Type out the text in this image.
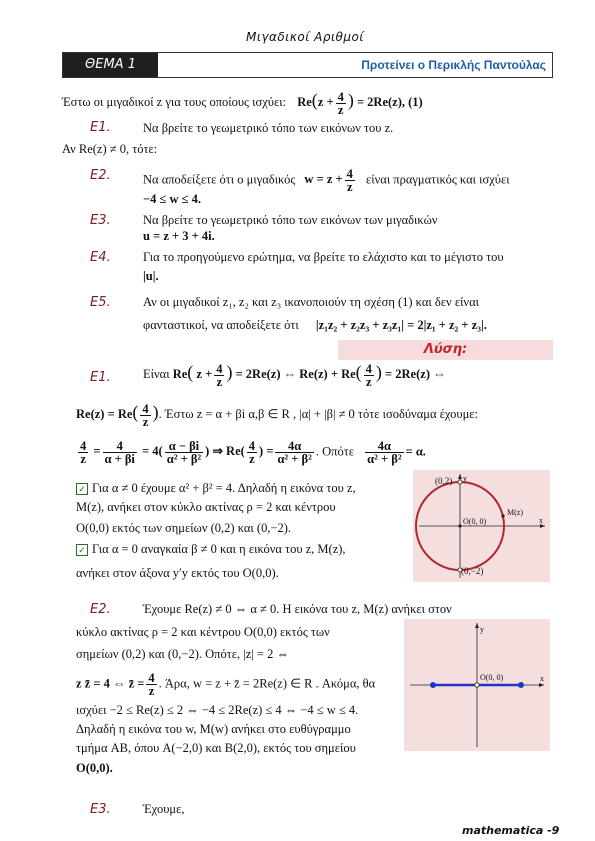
Μιγαδικοί Αριθμοί
ΘΕΜΑ 1	Προτείνει ο Περικλής Παντούλας
Έστω οι μιγαδικοί z για τους οποίους ισχύει: $Re(z + \frac{4}{z}$ ) = 2Re(z), (1)
Ε1.	Να βρείτε το γεωμετρικό τόπο των εικόνων του z.
Αν Re(z) ≠ 0, τότε:
Ε2.	Να αποδείξετε ότι ο μιγαδικός $w = z + \frac{4}{z}$ είναι πραγματικός και ισχύει
−4 ≤ w ≤ 4.
Ε3.	Να βρείτε το γεωμετρικό τόπο των εικόνων των μιγαδικών
u = z + 3 + 4i.
Ε4.	Για το προηγούμενο ερώτημα, να βρείτε το ελάχιστο και το μέγιστο του
|u|.
Ε5.	Αν οι μιγαδικοί z₁, z₂ και z₃ ικανοποιούν τη σχέση (1) και δεν είναι
φανταστικοί, να αποδείξετε ότι |z₁z₂ + z₂z₃ + z₃z₁| = 2|z₁ + z₂ + z₃|.
Λύση:
Ε1.	Είναι Re( $z + \frac{4}{z}$ ) = 2Re(z) ⇔ $Re(z) + Re( \frac{4}{z}$ ) = 2Re(z) ⇔
$Re(z) = Re( \frac{4}{z}$ ). Έστω z = α + βi α,β ∈ R , |α| + |β| ≠ 0 τότε ισοδύναμα έχουμε:
$\frac{4}{z} = \frac{4}{\alpha + \beta i} = 4( \frac{\alpha - \beta i}{\text{α² + β²}}$ ) ⇒ $Re( \frac{4}{z}$ ) = $\frac{4\alpha}{\text{α² + β²}}$ . Οπότε $\frac{4\alpha}{\text{α² + β²}} = \alpha$.
✓ Για α ≠ 0 έχουμε α² + β² = 4. Δηλαδή η εικόνα του z,
M(z), ανήκει στον κύκλο ακτίνας ρ = 2 και κέντρου
O(0,0) εκτός των σημείων (0,2) και (0,−2).
✓ Για α = 0 αναγκαία β ≠ 0 και η εικόνα του z, M(z),
ανήκει στον άξονα y′y εκτός του O(0,0).
(0,2) y
O(0, 0)
M(z)
x
(0,−2)
Ε2.	Έχουμε Re(z) ≠ 0 ⇔ α ≠ 0. Η εικόνα του z, M(z) ανήκει στον
κύκλο ακτίνας ρ = 2 και κέντρου O(0,0) εκτός των
σημείων (0,2) και (0,−2). Οπότε, |z| = 2 ⇔
z z̄ = 4 ⇔ z̄ = $\frac{4}{z}$ . Άρα, w = z + z̄ = 2Re(z) ∈ R . Ακόμα, θα
ισχύει −2 ≤ Re(z) ≤ 2 ⇔ −4 ≤ 2Re(z) ≤ 4 ⇔ −4 ≤ w ≤ 4.
Δηλαδή η εικόνα του w, M(w) ανήκει στο ευθύγραμμο
τμήμα AB, όπου A(−2,0) και B(2,0), εκτός του σημείου
O(0,0).
y
O(0, 0)	x
Ε3.	Έχουμε,
mathematica -9
